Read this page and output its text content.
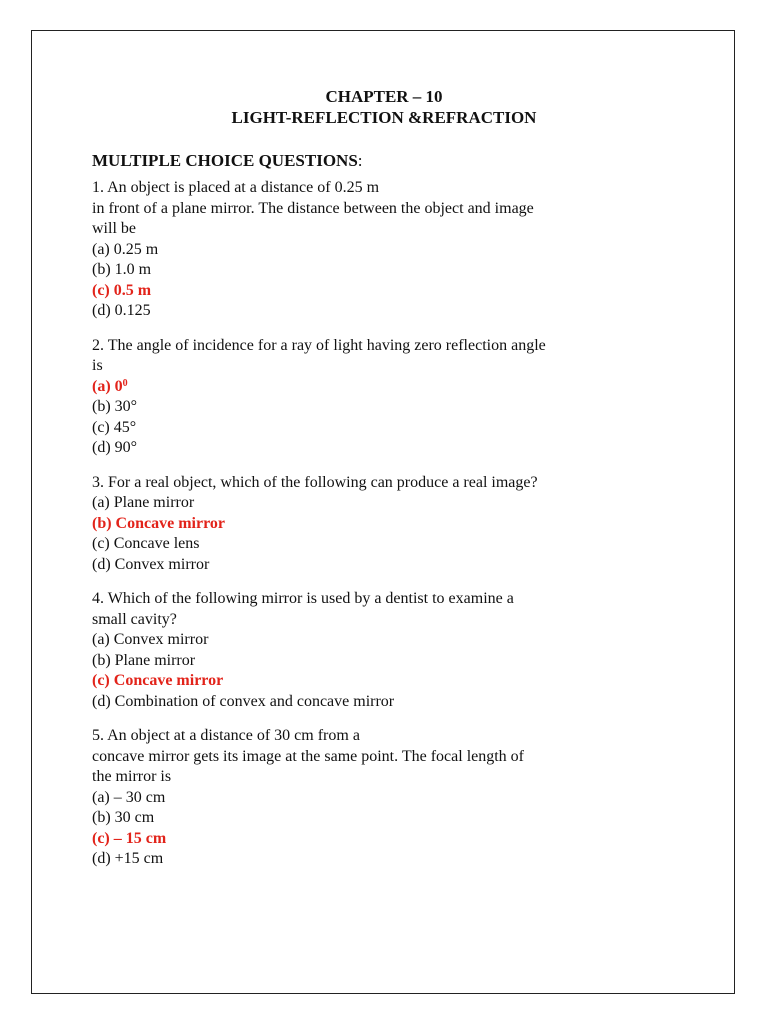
CHAPTER – 10

LIGHT-REFLECTION &REFRACTION

MULTIPLE CHOICE QUESTIONS:

1. An object is placed at a distance of 0.25 m

in front of a plane mirror. The distance between the object and image

will be

(a) 0.25 m

(b) 1.0 m

(c) 0.5 m

(d) 0.125

2. The angle of incidence for a ray of light having zero reflection angle

is

(a) $0^0$

(b) 30°

(c) 45°

(d) 90°

3. For a real object, which of the following can produce a real image?

(a) Plane mirror

(b) Concave mirror

(c) Concave lens

(d) Convex mirror

4. Which of the following mirror is used by a dentist to examine a

small cavity?

(a) Convex mirror

(b) Plane mirror

(c) Concave mirror

(d) Combination of convex and concave mirror

5. An object at a distance of 30 cm from a

concave mirror gets its image at the same point. The focal length of

the mirror is

(a) – 30 cm

(b) 30 cm

(c) – 15 cm

(d) +15 cm
